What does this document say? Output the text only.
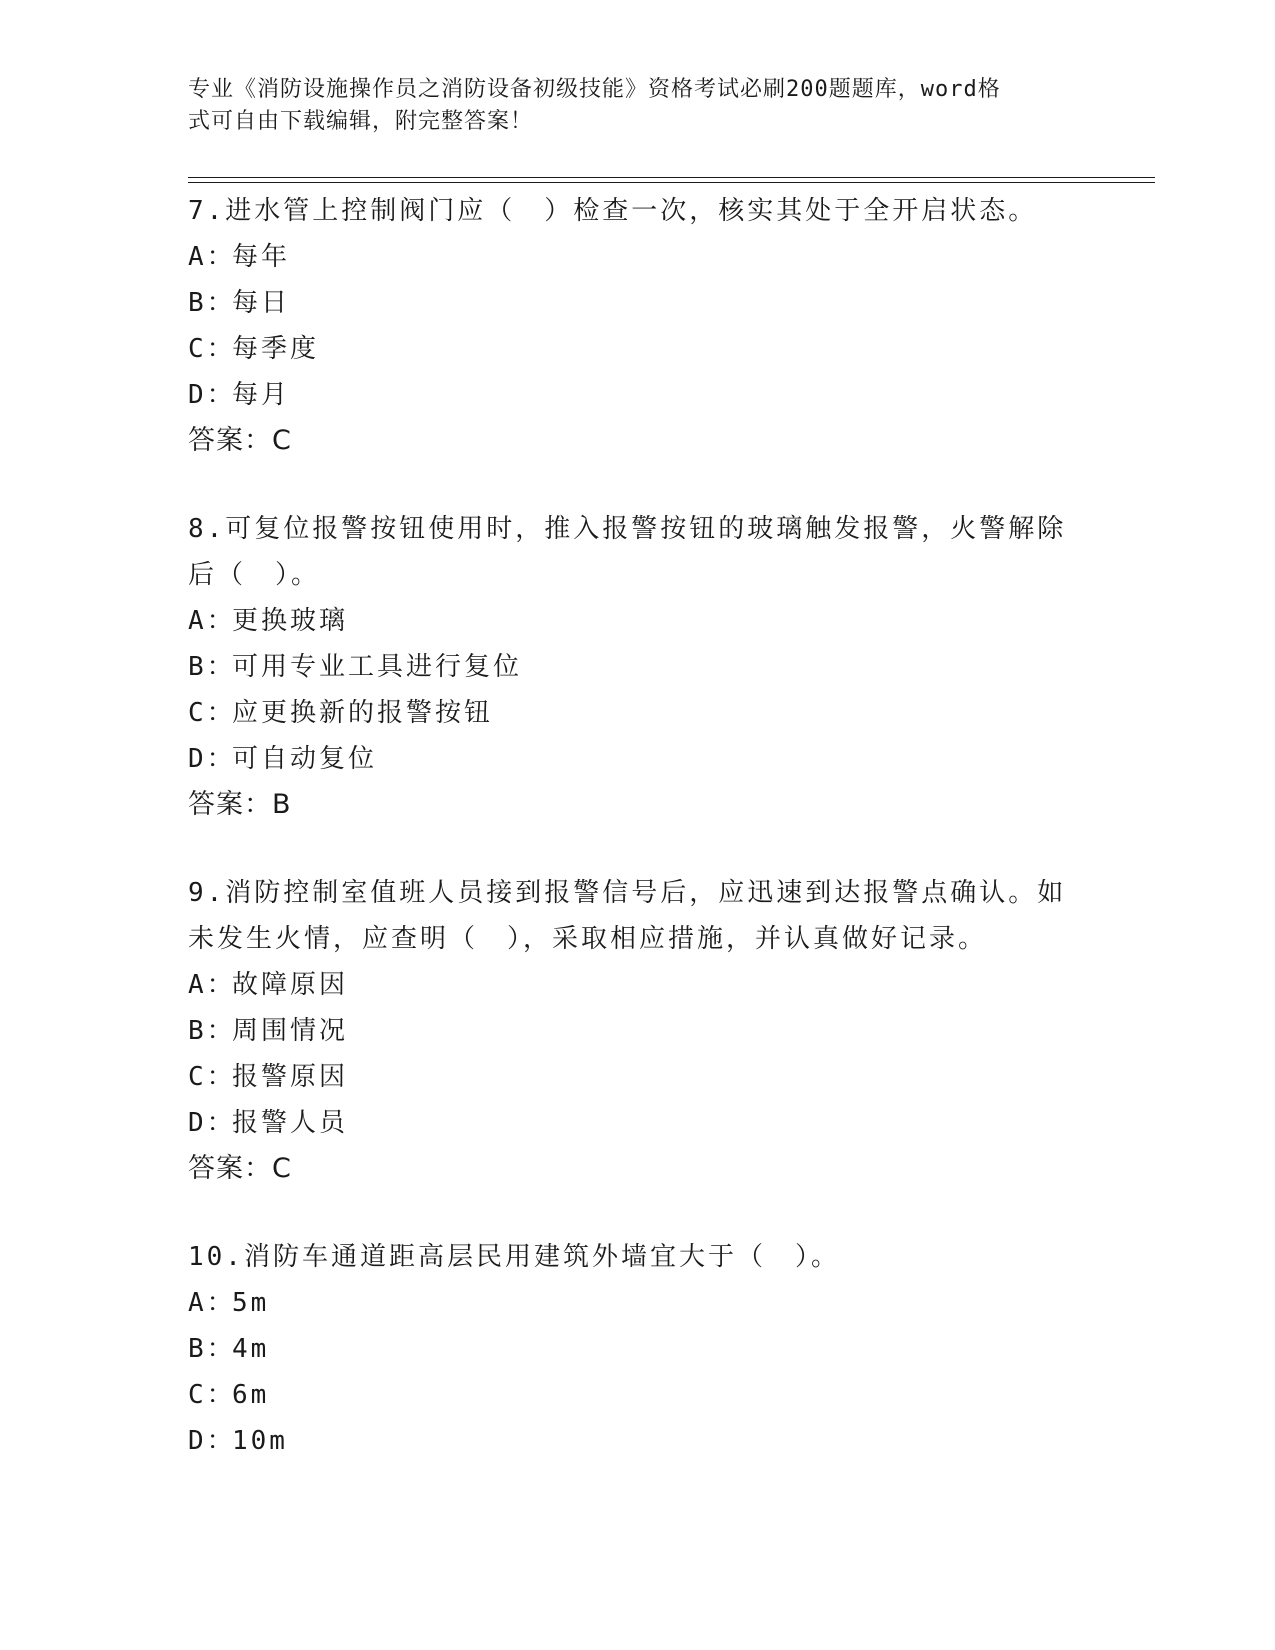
专业《消防设施操作员之消防设备初级技能》资格考试必刷200题题库，word格
式可自由下载编辑，附完整答案！

7.进水管上控制阀门应（　）检查一次，核实其处于全开启状态。

A：每年

B：每日

C：每季度

D：每月

答案：C

8.可复位报警按钮使用时，推入报警按钮的玻璃触发报警，火警解除后（　）。

A：更换玻璃

B：可用专业工具进行复位

C：应更换新的报警按钮

D：可自动复位

答案：B

9.消防控制室值班人员接到报警信号后，应迅速到达报警点确认。如未发生火情，应查明（　），采取相应措施，并认真做好记录。

A：故障原因

B：周围情况

C：报警原因

D：报警人员

答案：C

10.消防车通道距高层民用建筑外墙宜大于（　）。

A：5m

B：4m

C：6m

D：10m
